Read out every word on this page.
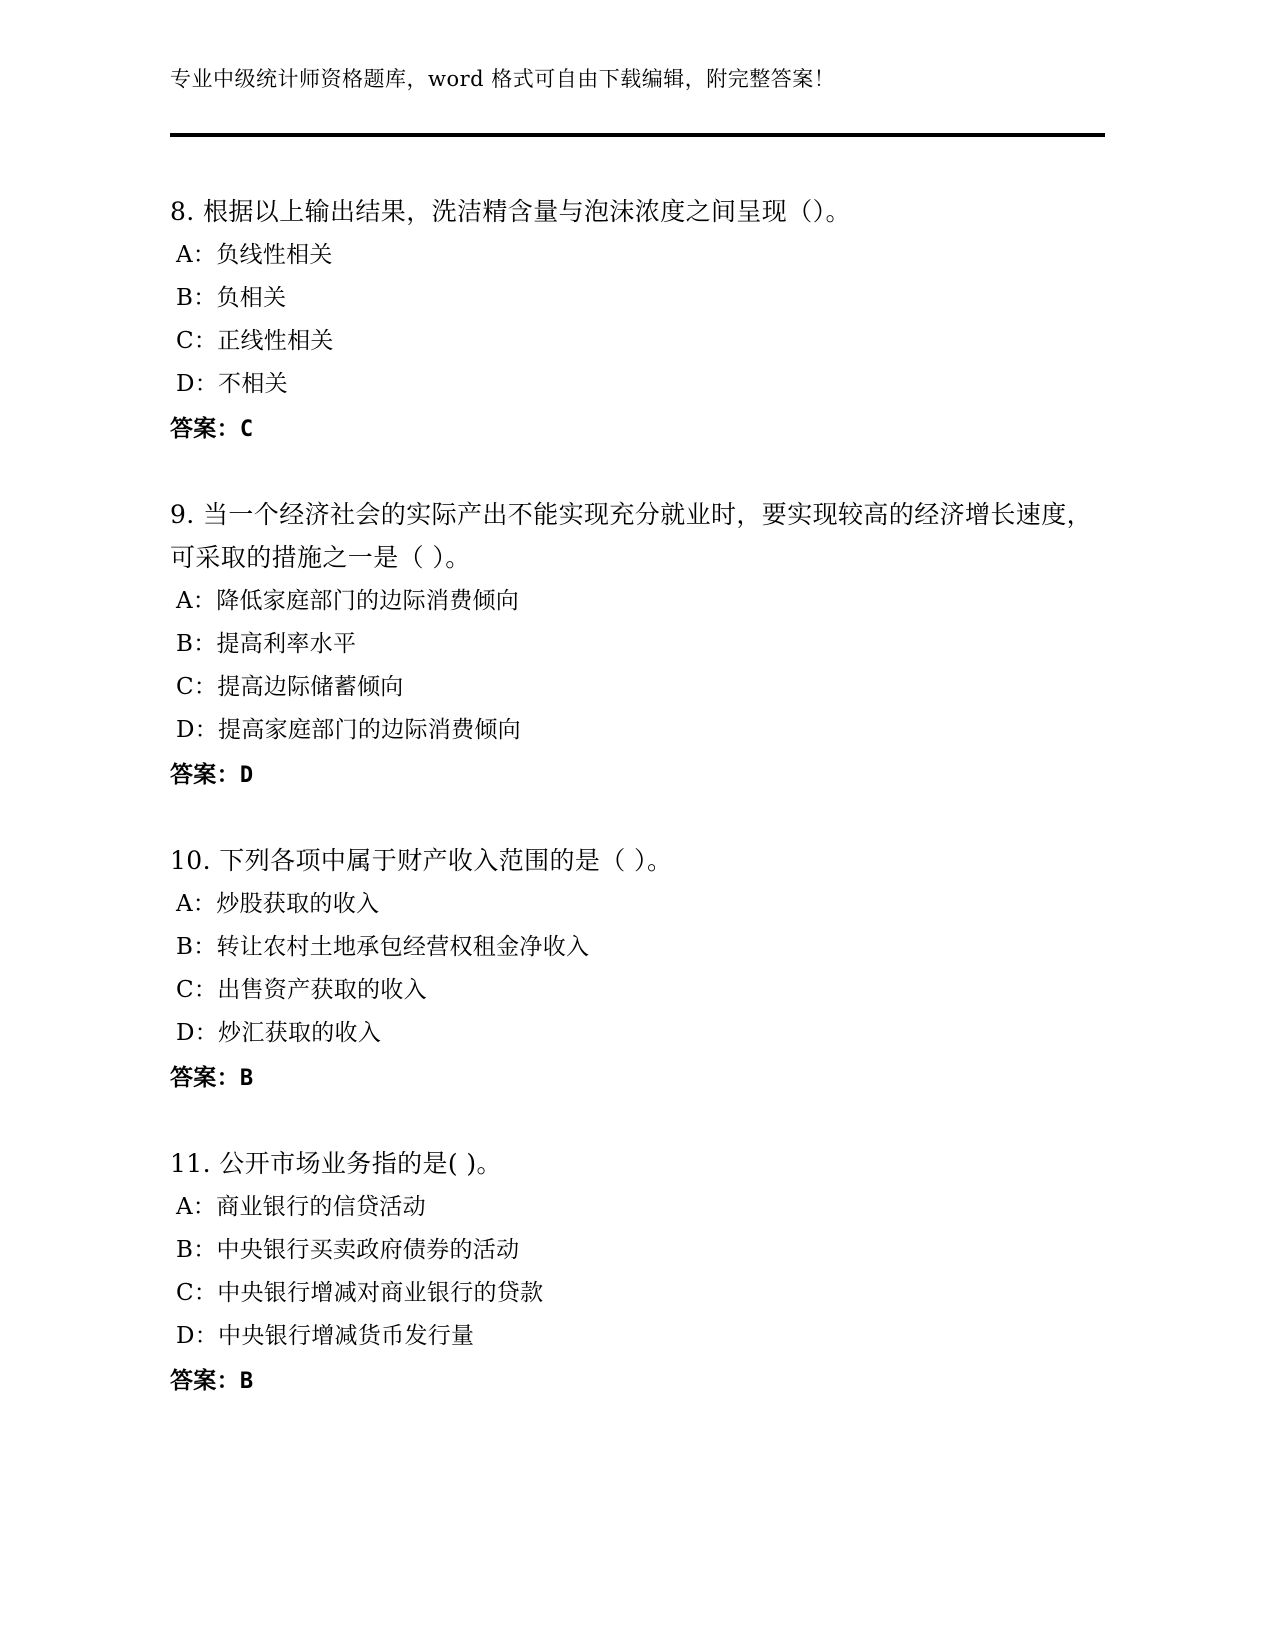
专业中级统计师资格题库，word 格式可自由下载编辑，附完整答案！
8. 根据以上输出结果，洗洁精含量与泡沫浓度之间呈现（）。
A：负线性相关
B：负相关
C：正线性相关
D：不相关
答案：C
9. 当一个经济社会的实际产出不能实现充分就业时，要实现较高的经济增长速度，可采取的措施之一是（ ）。
A：降低家庭部门的边际消费倾向
B：提高利率水平
C：提高边际储蓄倾向
D：提高家庭部门的边际消费倾向
答案：D
10. 下列各项中属于财产收入范围的是（ ）。
A：炒股获取的收入
B：转让农村土地承包经营权租金净收入
C：出售资产获取的收入
D：炒汇获取的收入
答案：B
11. 公开市场业务指的是( )。
A：商业银行的信贷活动
B：中央银行买卖政府债券的活动
C：中央银行增减对商业银行的贷款
D：中央银行增减货币发行量
答案：B
